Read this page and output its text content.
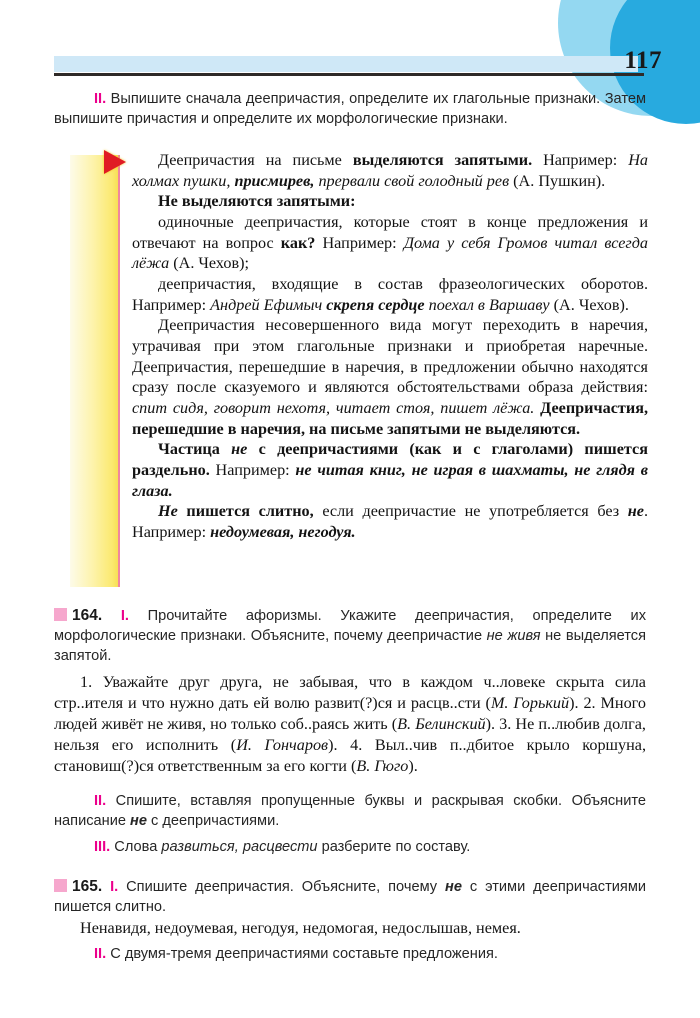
117
II. Выпишите сначала деепричастия, определите их глагольные признаки. Затем выпишите причастия и определите их морфологические признаки.

Деепричастия на письме выделяются запятыми. Например: На холмах пушки, присмирев, прервали свой голодный рев (А. Пушкин).

Не выделяются запятыми:

одиночные деепричастия, которые стоят в конце предложения и отвечают на вопрос как? Например: Дома у себя Громов читал всегда лёжа (А. Чехов);

деепричастия, входящие в состав фразеологических оборотов. Например: Андрей Ефимыч скрепя сердце поехал в Варшаву (А. Чехов).

Деепричастия несовершенного вида могут переходить в наречия, утрачивая при этом глагольные признаки и приобретая наречные. Деепричастия, перешедшие в наречия, в предложении обычно находятся сразу после сказуемого и являются обстоятельствами образа действия: спит сидя, говорит нехотя, читает стоя, пишет лёжа. Деепричастия, перешедшие в наречия, на письме запятыми не выделяются.

Частица не с деепричастиями (как и с глаголами) пишется раздельно. Например: не читая книг, не играя в шахматы, не глядя в глаза.

Не пишется слитно, если деепричастие не употребляется без не. Например: недоумевая, негодуя.

164. I. Прочитайте афоризмы. Укажите деепричастия, определите их морфологические признаки. Объясните, почему деепричастие не живя не выделяется запятой.
1. Уважайте друг друга, не забывая, что в каждом ч..ловеке скрыта сила стр..ителя и что нужно дать ей волю развит(?)ся и расцв..сти (М. Горький). 2. Много людей живёт не живя, но только соб..раясь жить (В. Белинский). 3. Не п..любив долга, нельзя его исполнить (И. Гончаров). 4. Выл..чив п..дбитое крыло коршуна, становиш(?)ся ответственным за его когти (В. Гюго).
II. Спишите, вставляя пропущенные буквы и раскрывая скобки. Объясните написание не с деепричастиями.
III. Слова развиться, расцвести разберите по составу.
165. I. Спишите деепричастия. Объясните, почему не с этими деепричастиями пишется слитно.
Ненавидя, недоумевая, негодуя, недомогая, недослышав, немея.
II. С двумя-тремя деепричастиями составьте предложения.
